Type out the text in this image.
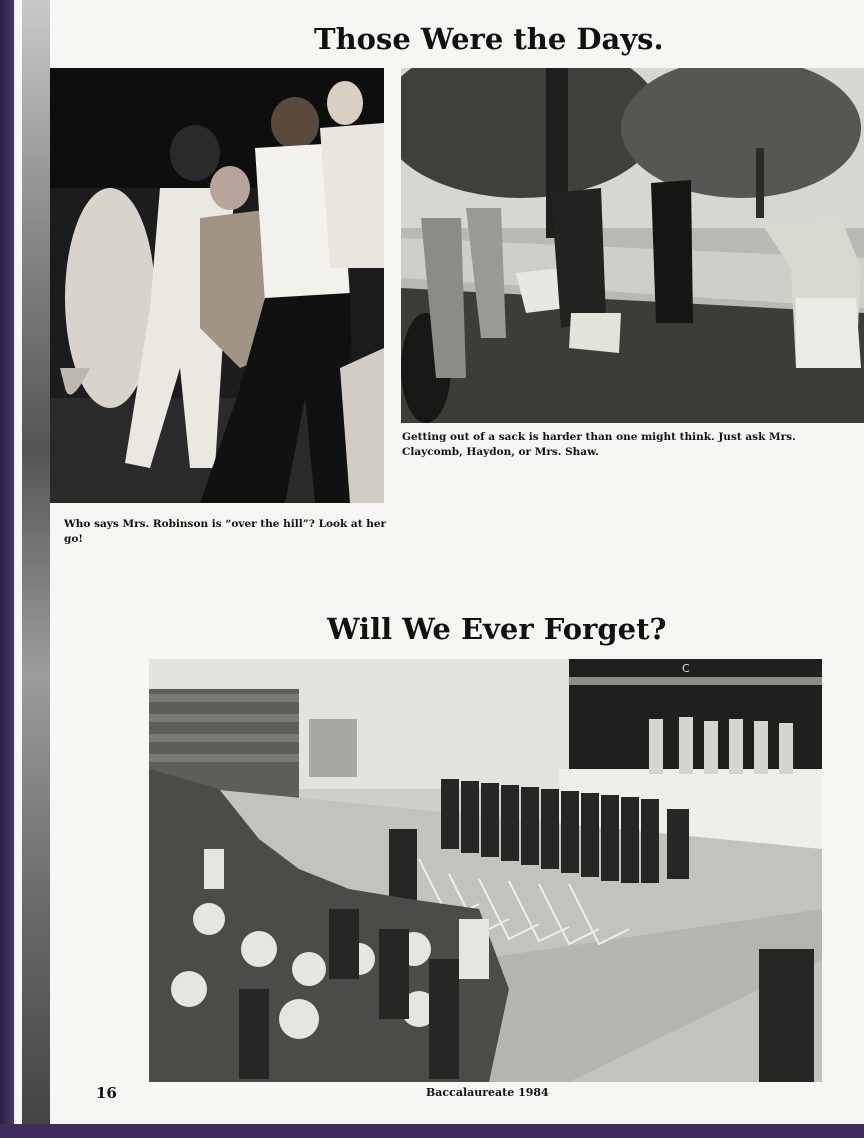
Those Were the Days.
Getting out of a sack is harder than one might think. Just ask Mrs. Claycomb, Haydon, or Mrs. Shaw.
Who says Mrs. Robinson is “over the hill”? Look at her go!
Will We Ever Forget?
C
16	Baccalaureate 1984
